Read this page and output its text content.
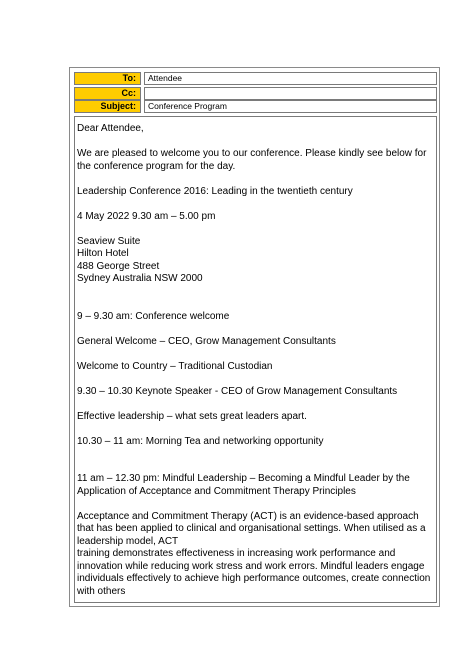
To:	Attendee
Cc:
Subject:	Conference Program

Dear Attendee,

We are pleased to welcome you to our conference. Please kindly see below for the conference program for the day.

Leadership Conference 2016: Leading in the twentieth century

4 May 2022 9.30 am – 5.00 pm

Seaview Suite

Hilton Hotel

488 George Street

Sydney Australia NSW 2000

9 – 9.30 am: Conference welcome

General Welcome – CEO, Grow Management Consultants

Welcome to Country – Traditional Custodian

9.30 – 10.30 Keynote Speaker - CEO of Grow Management Consultants

Effective leadership – what sets great leaders apart.

10.30 – 11 am: Morning Tea and networking opportunity

11 am – 12.30 pm: Mindful Leadership – Becoming a Mindful Leader by the Application of Acceptance and Commitment Therapy Principles

Acceptance and Commitment Therapy (ACT) is an evidence-based approach that has been applied to clinical and organisational settings. When utilised as a leadership model, ACT
training demonstrates effectiveness in increasing work performance and innovation while reducing work stress and work errors. Mindful leaders engage individuals effectively to achieve high performance outcomes, create connection with others
